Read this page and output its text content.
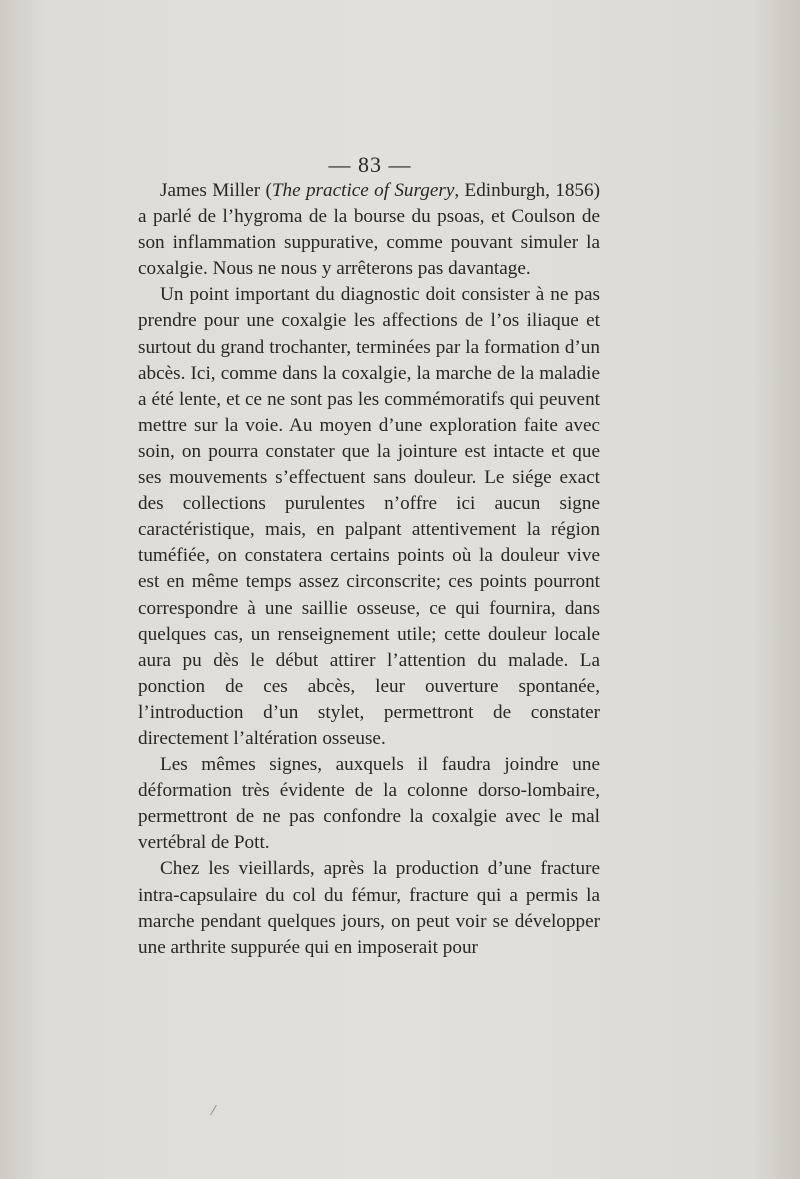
— 83 —

James Miller (The practice of Surgery, Edinburgh, 1856) a parlé de l’hygroma de la bourse du psoas, et Coulson de son inflammation suppurative, comme pouvant simuler la coxalgie. Nous ne nous y arrêterons pas davantage.

Un point important du diagnostic doit consister à ne pas prendre pour une coxalgie les affections de l’os iliaque et surtout du grand trochanter, terminées par la formation d’un abcès. Ici, comme dans la coxalgie, la marche de la maladie a été lente, et ce ne sont pas les commémoratifs qui peuvent mettre sur la voie. Au moyen d’une exploration faite avec soin, on pourra constater que la jointure est intacte et que ses mouvements s’effectuent sans douleur. Le siége exact des collections purulentes n’offre ici aucun signe caractéristique, mais, en palpant attentivement la région tuméfiée, on constatera certains points où la douleur vive est en même temps assez circonscrite; ces points pourront correspondre à une saillie osseuse, ce qui fournira, dans quelques cas, un renseignement utile; cette douleur locale aura pu dès le début attirer l’attention du malade. La ponction de ces abcès, leur ouverture spontanée, l’introduction d’un stylet, permettront de constater directement l’altération osseuse.

Les mêmes signes, auxquels il faudra joindre une déformation très évidente de la colonne dorso-lombaire, permettront de ne pas confondre la coxalgie avec le mal vertébral de Pott.

Chez les vieillards, après la production d’une fracture intra-capsulaire du col du fémur, fracture qui a permis la marche pendant quelques jours, on peut voir se développer une arthrite suppurée qui en imposerait pour
